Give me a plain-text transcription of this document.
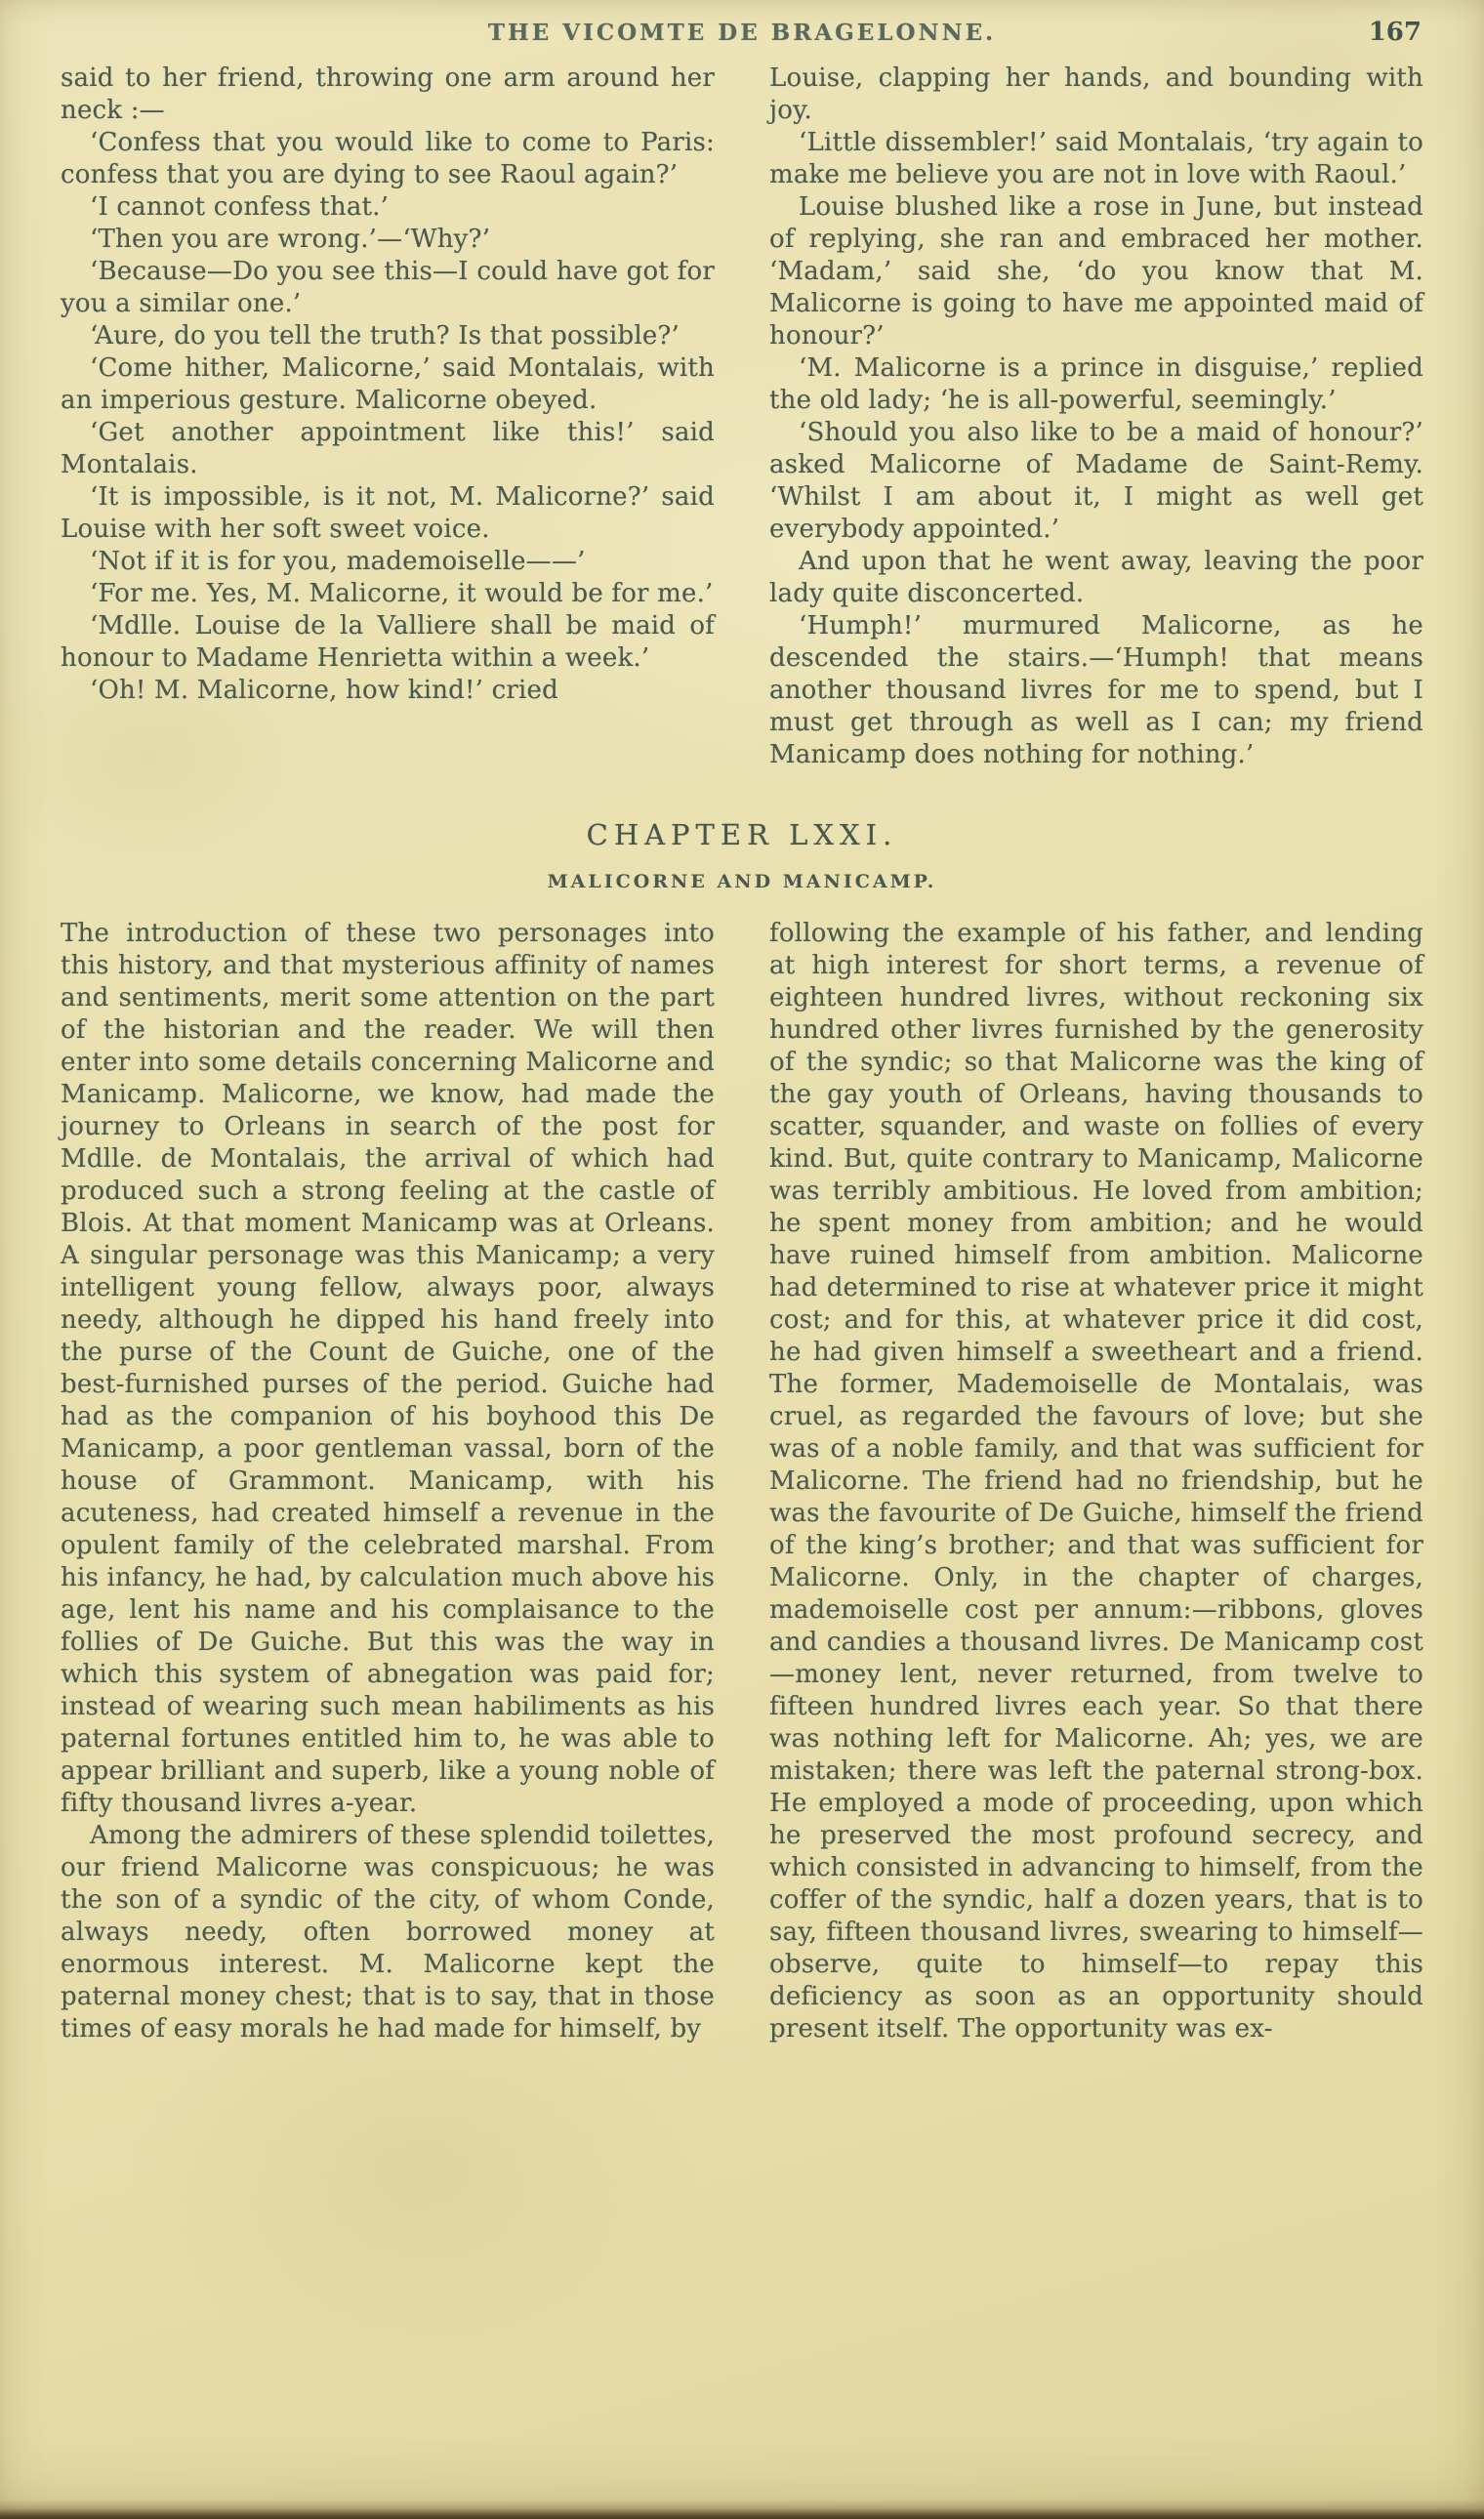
THE VICOMTE DE BRAGELONNE.	167

said to her friend, throwing one arm around her neck :—

‘Confess that you would like to come to Paris: confess that you are dying to see Raoul again?’

‘I cannot confess that.’

‘Then you are wrong.’—‘Why?’

‘Because—Do you see this—I could have got for you a similar one.’

‘Aure, do you tell the truth? Is that possible?’

‘Come hither, Malicorne,’ said Montalais, with an imperious gesture. Malicorne obeyed.

‘Get another appointment like this!’ said Montalais.

‘It is impossible, is it not, M. Malicorne?’ said Louise with her soft sweet voice.

‘Not if it is for you, mademoiselle——’

‘For me. Yes, M. Malicorne, it would be for me.’

‘Mdlle. Louise de la Valliere shall be maid of honour to Madame Henrietta within a week.’

‘Oh! M. Malicorne, how kind!’ cried

Louise, clapping her hands, and bounding with joy.

‘Little dissembler!’ said Montalais, ‘try again to make me believe you are not in love with Raoul.’

Louise blushed like a rose in June, but instead of replying, she ran and embraced her mother. ‘Madam,’ said she, ‘do you know that M. Malicorne is going to have me appointed maid of honour?’

‘M. Malicorne is a prince in disguise,’ replied the old lady; ‘he is all-powerful, seemingly.’

‘Should you also like to be a maid of honour?’ asked Malicorne of Madame de Saint-Remy. ‘Whilst I am about it, I might as well get everybody appointed.’

And upon that he went away, leaving the poor lady quite disconcerted.

‘Humph!’ murmured Malicorne, as he descended the stairs.—‘Humph! that means another thousand livres for me to spend, but I must get through as well as I can; my friend Manicamp does nothing for nothing.’

CHAPTER LXXI.
MALICORNE AND MANICAMP.

The introduction of these two personages into this history, and that mysterious affinity of names and sentiments, merit some attention on the part of the historian and the reader. We will then enter into some details concerning Malicorne and Manicamp. Malicorne, we know, had made the journey to Orleans in search of the post for Mdlle. de Montalais, the arrival of which had produced such a strong feeling at the castle of Blois. At that moment Manicamp was at Orleans. A singular personage was this Manicamp; a very intelligent young fellow, always poor, always needy, although he dipped his hand freely into the purse of the Count de Guiche, one of the best-furnished purses of the period. Guiche had had as the companion of his boyhood this De Manicamp, a poor gentleman vassal, born of the house of Grammont. Manicamp, with his acuteness, had created himself a revenue in the opulent family of the celebrated marshal. From his infancy, he had, by calculation much above his age, lent his name and his complaisance to the follies of De Guiche. But this was the way in which this system of abnegation was paid for; instead of wearing such mean habiliments as his paternal fortunes entitled him to, he was able to appear brilliant and superb, like a young noble of fifty thousand livres a-year.

Among the admirers of these splendid toilettes, our friend Malicorne was conspicuous; he was the son of a syndic of the city, of whom Conde, always needy, often borrowed money at enormous interest. M. Malicorne kept the paternal money chest; that is to say, that in those times of easy morals he had made for himself, by

following the example of his father, and lending at high interest for short terms, a revenue of eighteen hundred livres, without reckoning six hundred other livres furnished by the generosity of the syndic; so that Malicorne was the king of the gay youth of Orleans, having thousands to scatter, squander, and waste on follies of every kind. But, quite contrary to Manicamp, Malicorne was terribly ambitious. He loved from ambition; he spent money from ambition; and he would have ruined himself from ambition. Malicorne had determined to rise at whatever price it might cost; and for this, at whatever price it did cost, he had given himself a sweetheart and a friend. The former, Mademoiselle de Montalais, was cruel, as regarded the favours of love; but she was of a noble family, and that was sufficient for Malicorne. The friend had no friendship, but he was the favourite of De Guiche, himself the friend of the king’s brother; and that was sufficient for Malicorne. Only, in the chapter of charges, mademoiselle cost per annum:—ribbons, gloves and candies a thousand livres. De Manicamp cost—money lent, never returned, from twelve to fifteen hundred livres each year. So that there was nothing left for Malicorne. Ah; yes, we are mistaken; there was left the paternal strong-box. He employed a mode of proceeding, upon which he preserved the most profound secrecy, and which consisted in advancing to himself, from the coffer of the syndic, half a dozen years, that is to say, fifteen thousand livres, swearing to himself—observe, quite to himself—to repay this deficiency as soon as an opportunity should present itself. The opportunity was ex-
